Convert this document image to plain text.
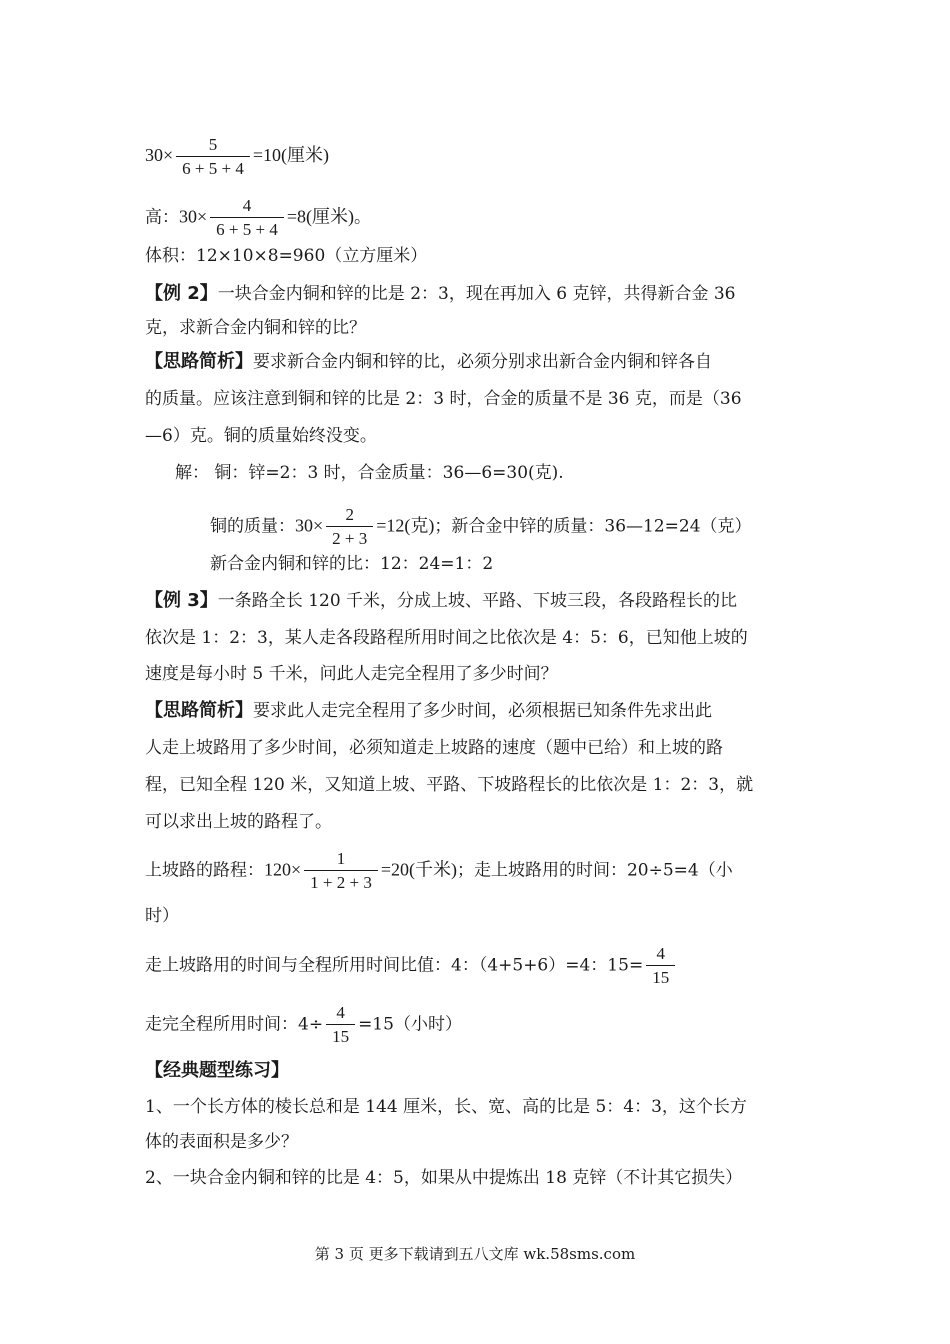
$30\times \frac{5}{6 + 5 + 4} =10$(厘米)
高：$30\times \frac{4}{6 + 5 + 4} =8$(厘米)。
体积：12×10×8=960（立方厘米）
【例 2】一块合金内铜和锌的比是 2：3，现在再加入 6 克锌，共得新合金 36
克，求新合金内铜和锌的比？
【思路简析】要求新合金内铜和锌的比，必须分别求出新合金内铜和锌各自
的质量。应该注意到铜和锌的比是 2：3 时，合金的质量不是 36 克，而是（36
—6）克。铜的质量始终没变。
解： 铜：锌=2：3 时，合金质量：36—6=30(克).
铜的质量：$30\times \frac{2}{2 + 3} =12$(克)；新合金中锌的质量：36—12=24（克）
新合金内铜和锌的比：12：24=1：2
【例 3】一条路全长 120 千米，分成上坡、平路、下坡三段，各段路程长的比
依次是 1：2：3，某人走各段路程所用时间之比依次是 4：5：6，已知他上坡的
速度是每小时 5 千米，问此人走完全程用了多少时间？
【思路简析】要求此人走完全程用了多少时间，必须根据已知条件先求出此
人走上坡路用了多少时间，必须知道走上坡路的速度（题中已给）和上坡的路
程，已知全程 120 米，又知道上坡、平路、下坡路程长的比依次是 1：2：3，就
可以求出上坡的路程了。
上坡路的路程：$120\times \frac{1}{1 + 2 + 3} =20$(千米)；走上坡路用的时间：20÷5=4（小
时）
走上坡路用的时间与全程所用时间比值：4：（4+5+6）=4：$15= \frac{4}{15}$
走完全程所用时间：$4\div \frac{4}{15} =15$（小时）
【经典题型练习】
1、一个长方体的棱长总和是 144 厘米，长、宽、高的比是 5：4：3，这个长方
体的表面积是多少？
2、一块合金内铜和锌的比是 4：5，如果从中提炼出 18 克锌（不计其它损失）
第 3 页 更多下载请到五八文库 wk.58sms.com
